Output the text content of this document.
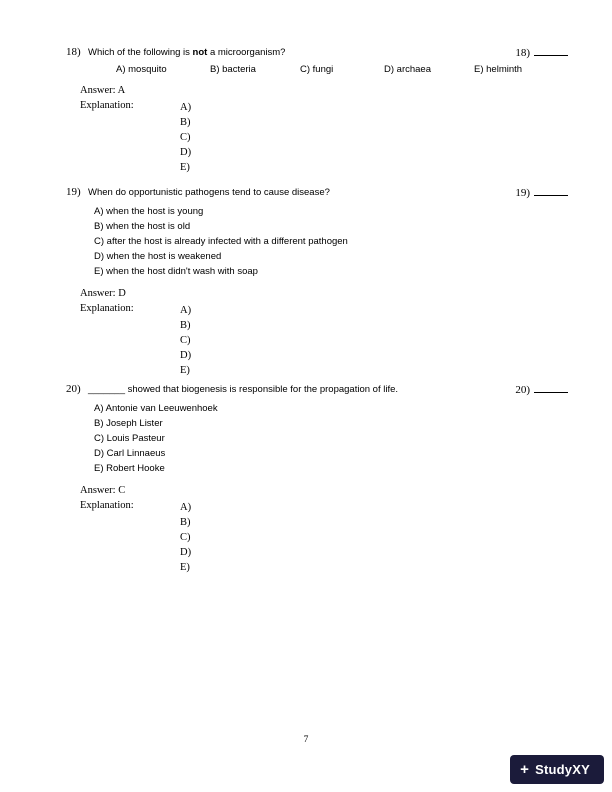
18) Which of the following is not a microorganism?
A) mosquito	B) bacteria	C) fungi	D) archaea	E) helminth
Answer: A
Explanation:	A)
B)
C)
D)
E)
18)
19) When do opportunistic pathogens tend to cause disease?
A) when the host is young
B) when the host is old
C) after the host is already infected with a different pathogen
D) when the host is weakened
E) when the host didn't wash with soap
Answer: D
Explanation:	A)
B)
C)
D)
E)
19)
20) _______ showed that biogenesis is responsible for the propagation of life.
A) Antonie van Leeuwenhoek
B) Joseph Lister
C) Louis Pasteur
D) Carl Linnaeus
E) Robert Hooke
Answer: C
Explanation:	A)
B)
C)
D)
E)
20)
7
+ Study XY
